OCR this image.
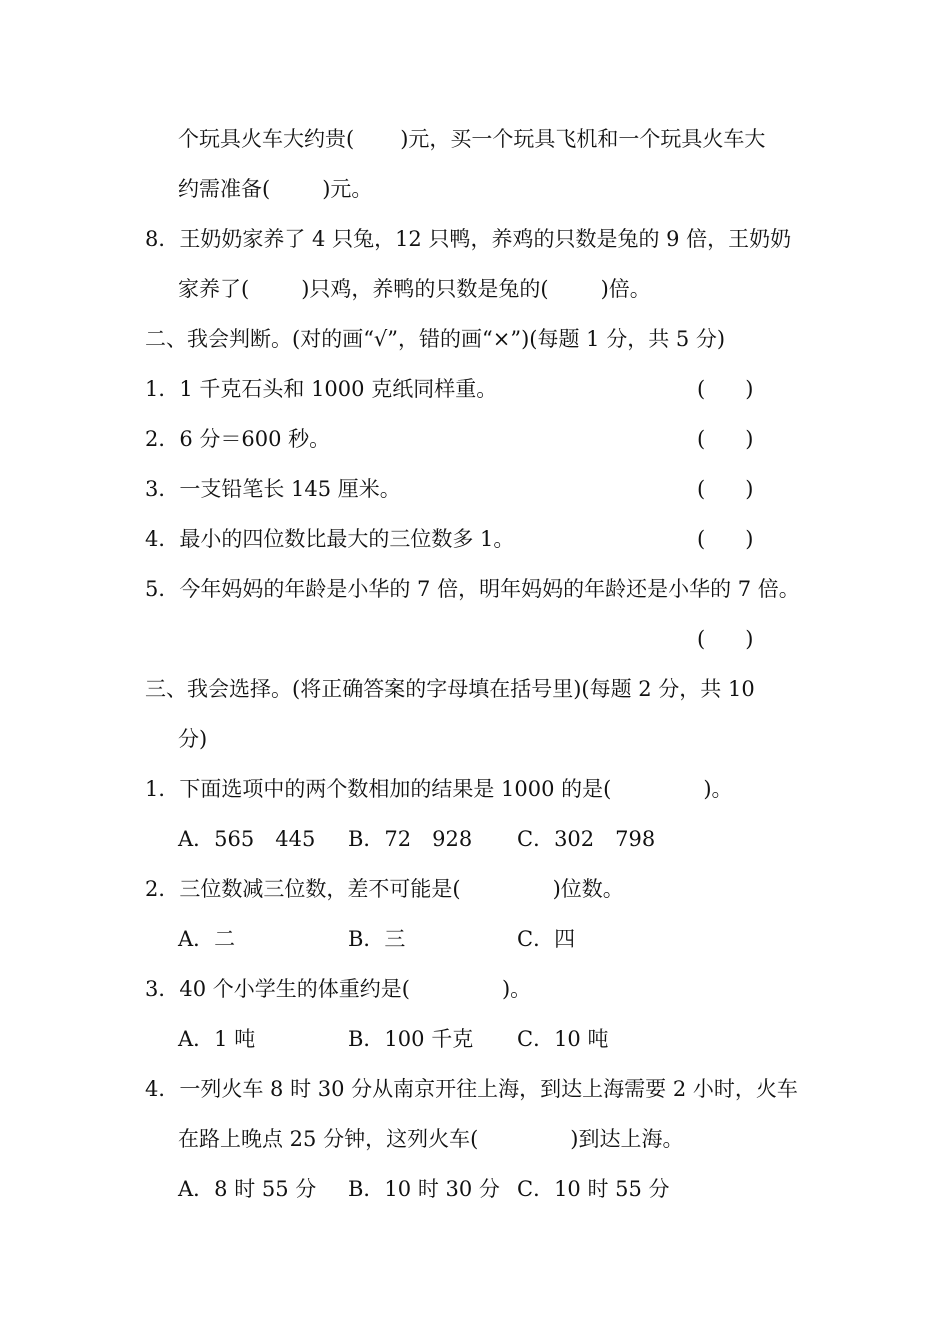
个玩具火车大约贵( )元，买一个玩具飞机和一个玩具火车大
约需准备( )元。
8．王奶奶家养了 4 只兔，12 只鸭，养鸡的只数是兔的 9 倍，王奶奶
家养了( )只鸡，养鸭的只数是兔的( )倍。
二、我会判断。(对的画“√”，错的画“×”)(每题 1 分，共 5 分)
1．1 千克石头和 1000 克纸同样重。	(      )
2．6 分＝600 秒。	(      )
3．一支铅笔长 145 厘米。	(      )
4．最小的四位数比最大的三位数多 1。	(      )
5．今年妈妈的年龄是小华的 7 倍，明年妈妈的年龄还是小华的 7 倍。
(      )
三、我会选择。(将正确答案的字母填在括号里)(每题 2 分，共 10
分)
1．下面选项中的两个数相加的结果是 1000 的是(	)。
A．565　445 B．72　928 C．302　798
2．三位数减三位数，差不可能是(	)位数。
A．二	B．三	C．四
3．40 个小学生的体重约是(	)。
A．1 吨	B．100 千克 C．10 吨
4．一列火车 8 时 30 分从南京开往上海，到达上海需要 2 小时，火车
在路上晚点 25 分钟，这列火车(	)到达上海。
A．8 时 55 分 B．10 时 30 分 C．10 时 55 分
